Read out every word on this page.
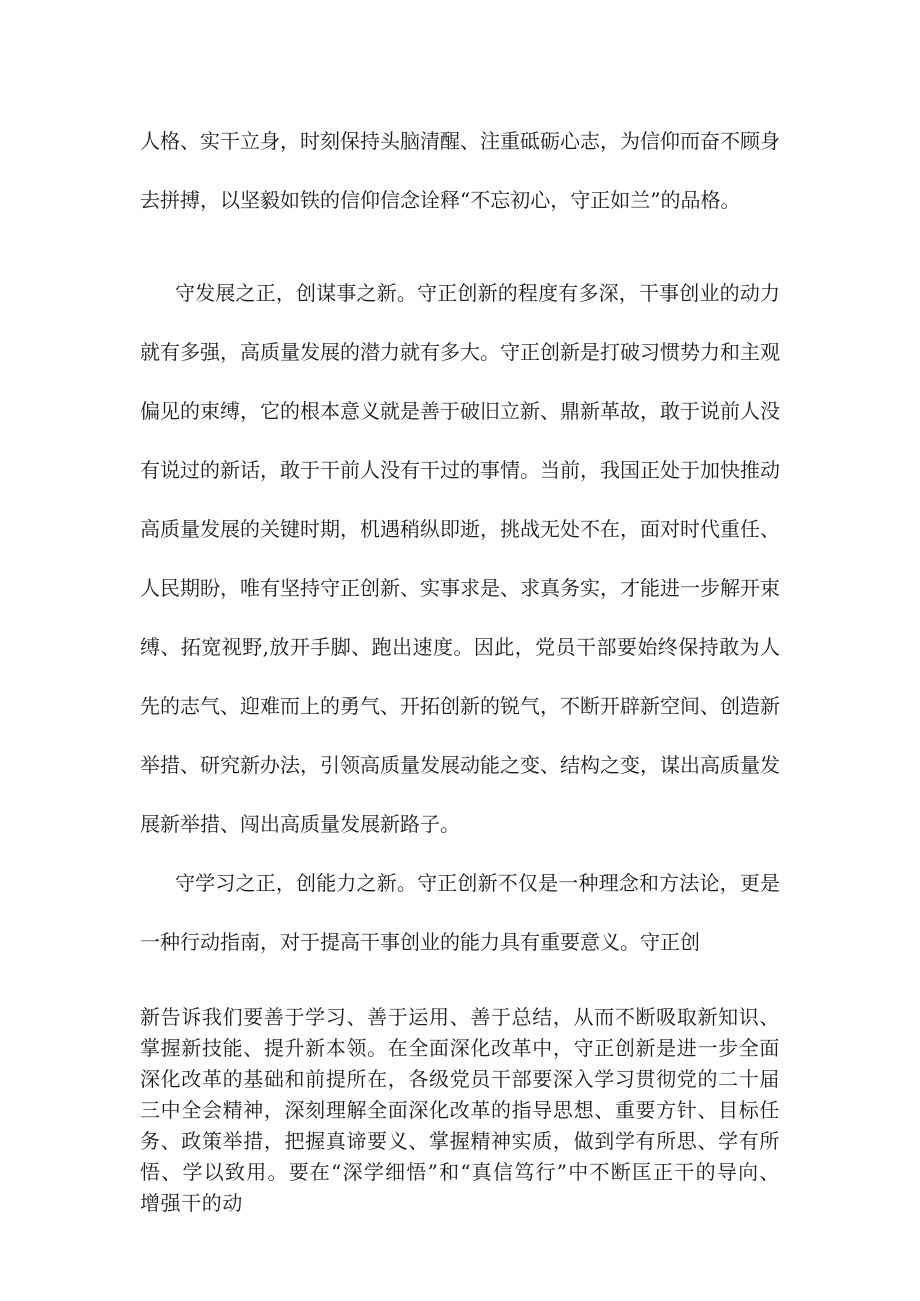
人格、实干立身，时刻保持头脑清醒、注重砥砺心志，为信仰而奋不顾身去拼搏，以坚毅如铁的信仰信念诠释“不忘初心，守正如兰”的品格。

守发展之正，创谋事之新。守正创新的程度有多深，干事创业的动力就有多强，高质量发展的潜力就有多大。守正创新是打破习惯势力和主观偏见的束缚，它的根本意义就是善于破旧立新、鼎新革故，敢于说前人没有说过的新话，敢于干前人没有干过的事情。当前，我国正处于加快推动高质量发展的关键时期，机遇稍纵即逝，挑战无处不在，面对时代重任、人民期盼，唯有坚持守正创新、实事求是、求真务实，才能进一步解开束缚、拓宽视野,放开手脚、跑出速度。因此，党员干部要始终保持敢为人先的志气、迎难而上的勇气、开拓创新的锐气，不断开辟新空间、创造新举措、研究新办法，引领高质量发展动能之变、结构之变，谋出高质量发展新举措、闯出高质量发展新路子。

守学习之正，创能力之新。守正创新不仅是一种理念和方法论，更是一种行动指南，对于提高干事创业的能力具有重要意义。守正创

新告诉我们要善于学习、善于运用、善于总结，从而不断吸取新知识、掌握新技能、提升新本领。在全面深化改革中，守正创新是进一步全面深化改革的基础和前提所在，各级党员干部要深入学习贯彻党的二十届三中全会精神，深刻理解全面深化改革的指导思想、重要方针、目标任务、政策举措，把握真谛要义、掌握精神实质，做到学有所思、学有所悟、学以致用。要在“深学细悟”和“真信笃行”中不断匡正干的导向、增强干的动
